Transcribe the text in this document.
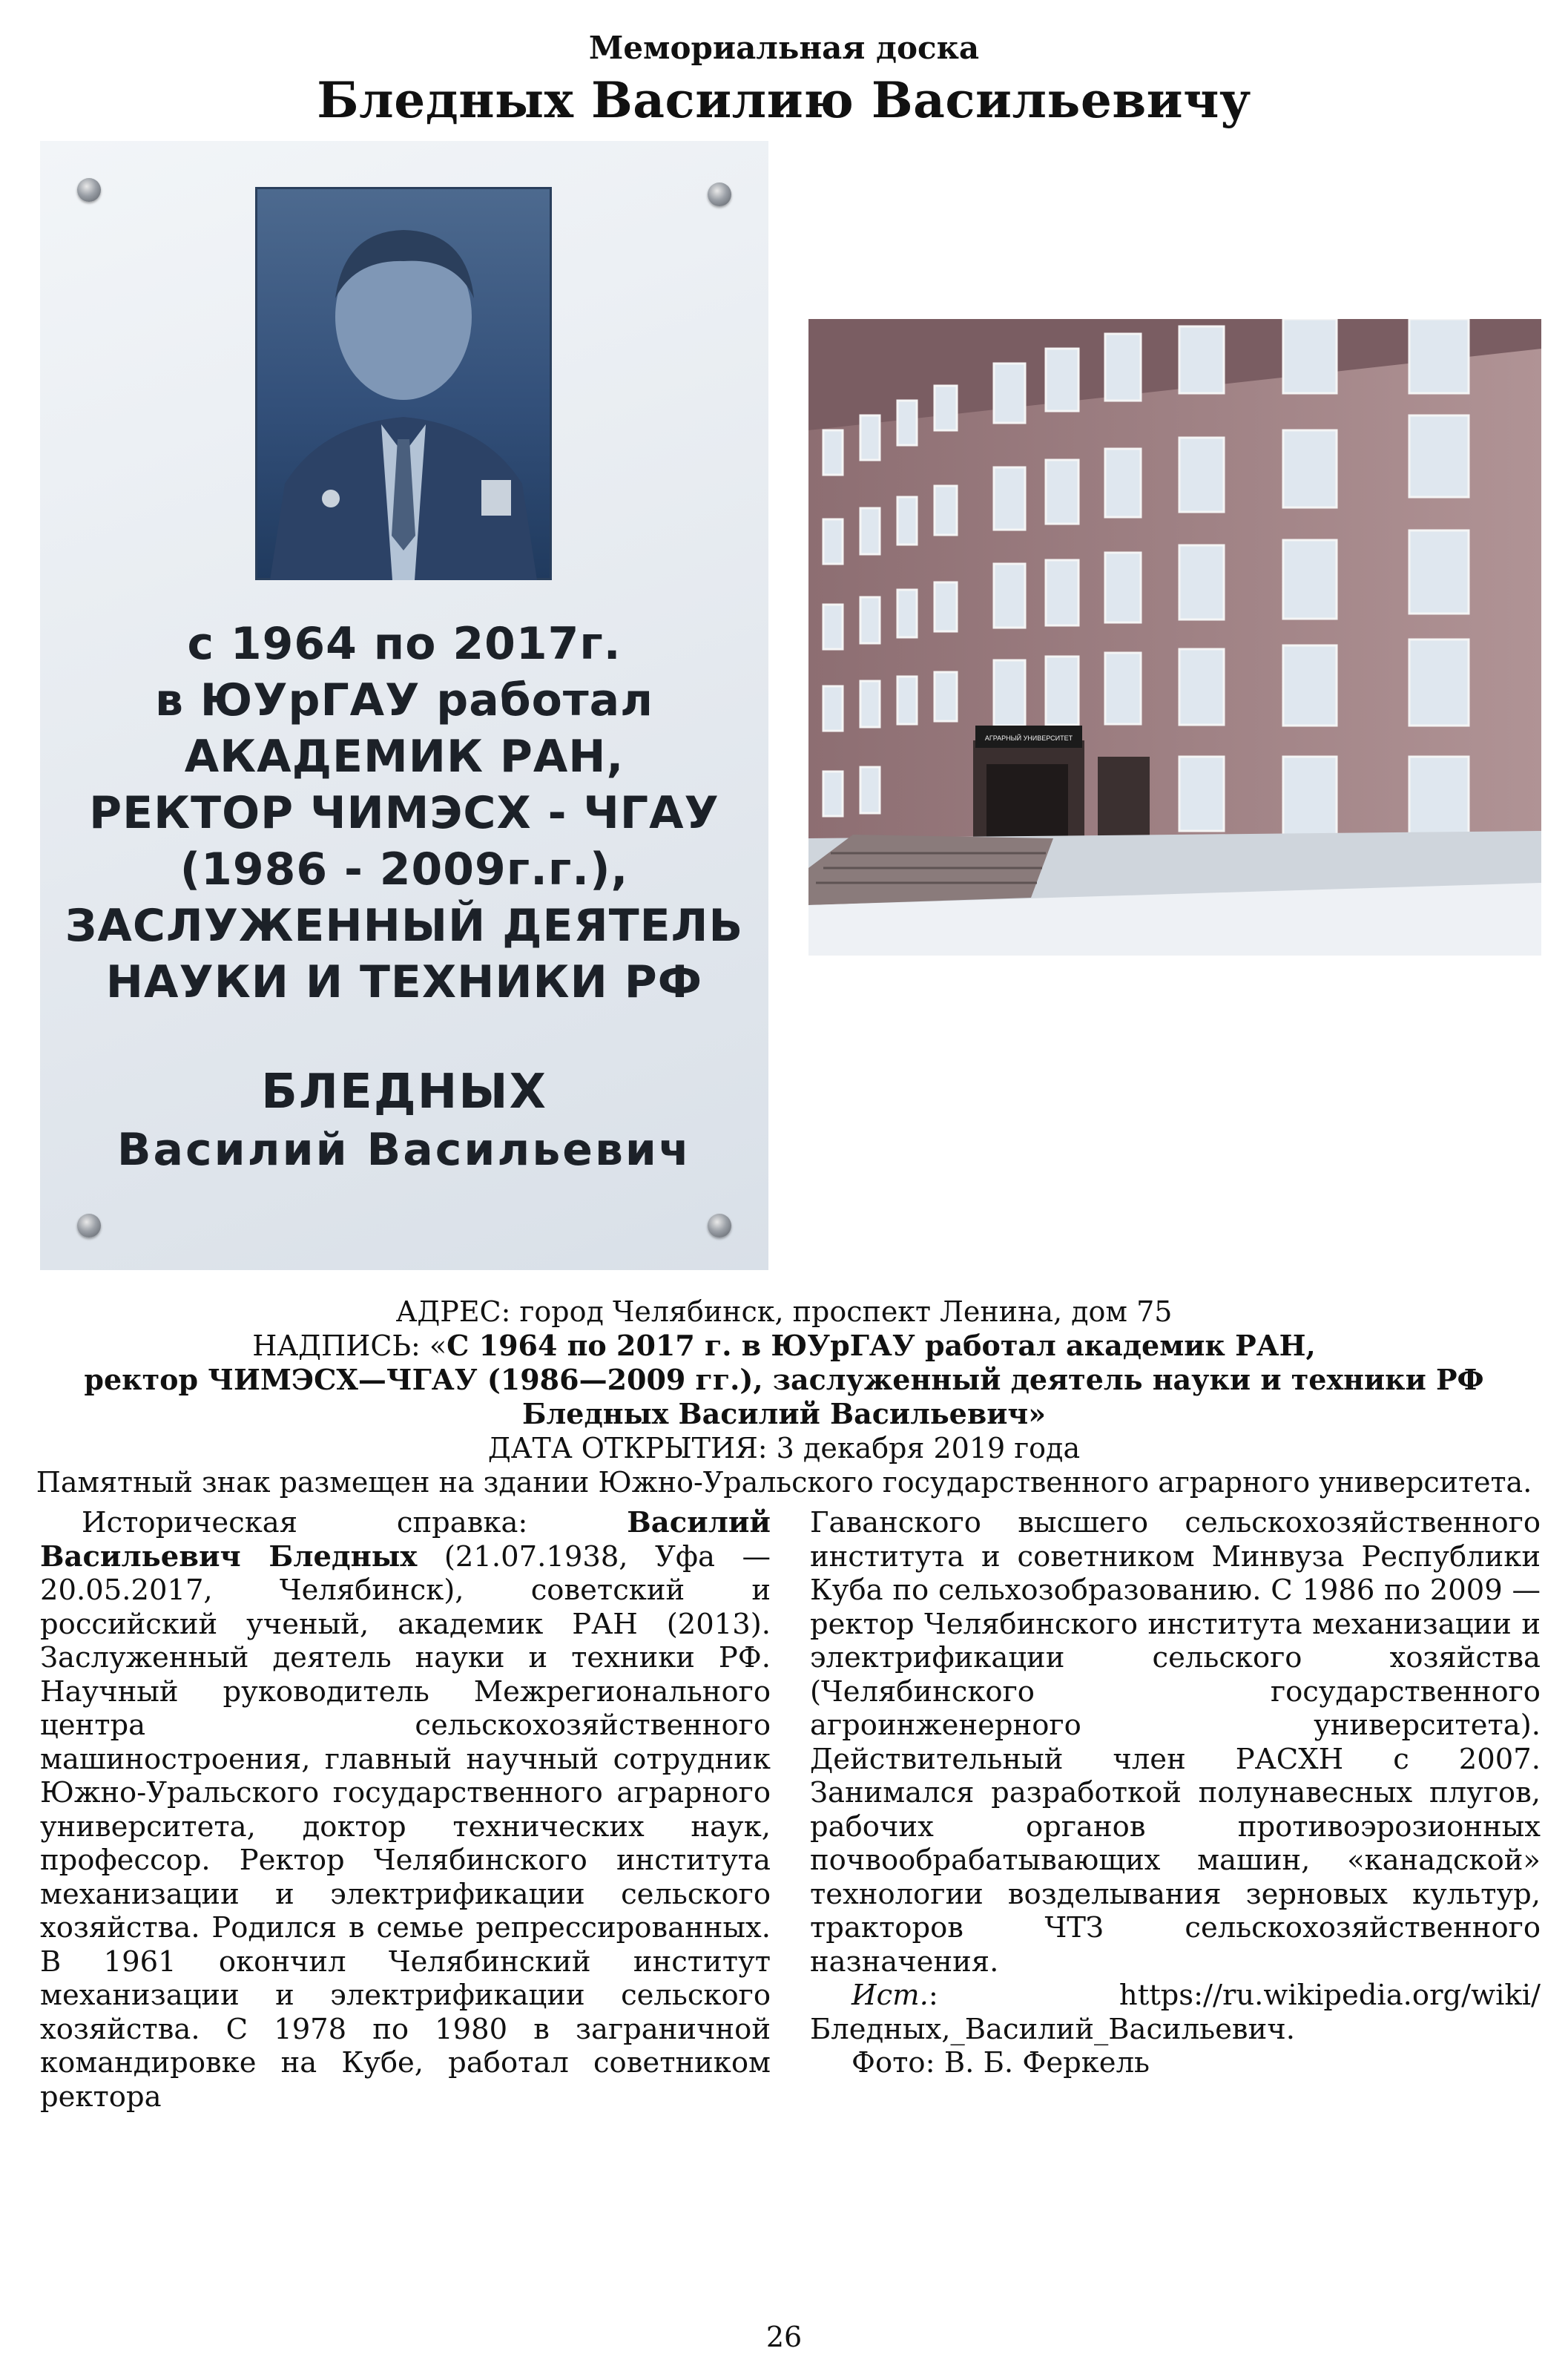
Мемориальная доска
Бледных Василию Васильевичу
с 1964 по 2017г.
в ЮУрГАУ работал
АКАДЕМИК РАН,
РЕКТОР ЧИМЭСХ - ЧГАУ
(1986 - 2009г.г.),
ЗАСЛУЖЕННЫЙ ДЕЯТЕЛЬ
НАУКИ И ТЕХНИКИ РФ
БЛЕДНЫХ
Василий Васильевич
АГРАРНЫЙ УНИВЕРСИТЕТ
АДРЕС: город Челябинск, проспект Ленина, дом 75
НАДПИСЬ: «С 1964 по 2017 г. в ЮУрГАУ работал академик РАН,
ректор ЧИМЭСХ—ЧГАУ (1986—2009 гг.), заслуженный деятель науки и техники РФ
Бледных Василий Васильевич»
ДАТА ОТКРЫТИЯ: 3 декабря 2019 года
Памятный знак размещен на здании Южно-Уральского государственного аграрного университета.

Историческая справка: Василий Васильевич Бледных (21.07.1938, Уфа — 20.05.2017, Челябинск), советский и российский ученый, академик РАН (2013). Заслуженный деятель науки и техники РФ. Научный руководитель Межрегионального центра сельскохозяйственного машиностроения, главный научный сотрудник Южно-Уральского государственного аграрного университета, доктор технических наук, профессор. Ректор Челябинского института механизации и электрификации сельского хозяйства. Родился в семье репрессированных. В 1961 окончил Челябинский институт механизации и электрификации сельского хозяйства. С 1978 по 1980 в заграничной командировке на Кубе, работал советником ректора

Гаванского высшего сельскохозяйственного института и советником Минвуза Республики Куба по сельхозобразованию. С 1986 по 2009 — ректор Челябинского института механизации и электрификации сельского хозяйства (Челябинского государственного агроинженерного университета). Действительный член РАСХН с 2007. Занимался разработкой полунавесных плугов, рабочих органов противоэрозионных почвообрабатывающих машин, «канадской» технологии возделывания зерновых культур, тракторов ЧТЗ сельскохозяйственного назначения.

Ист.: https://ru.wikipedia.org/wiki/Бледных,_Василий_Васильевич.

Фото: В. Б. Феркель

26
